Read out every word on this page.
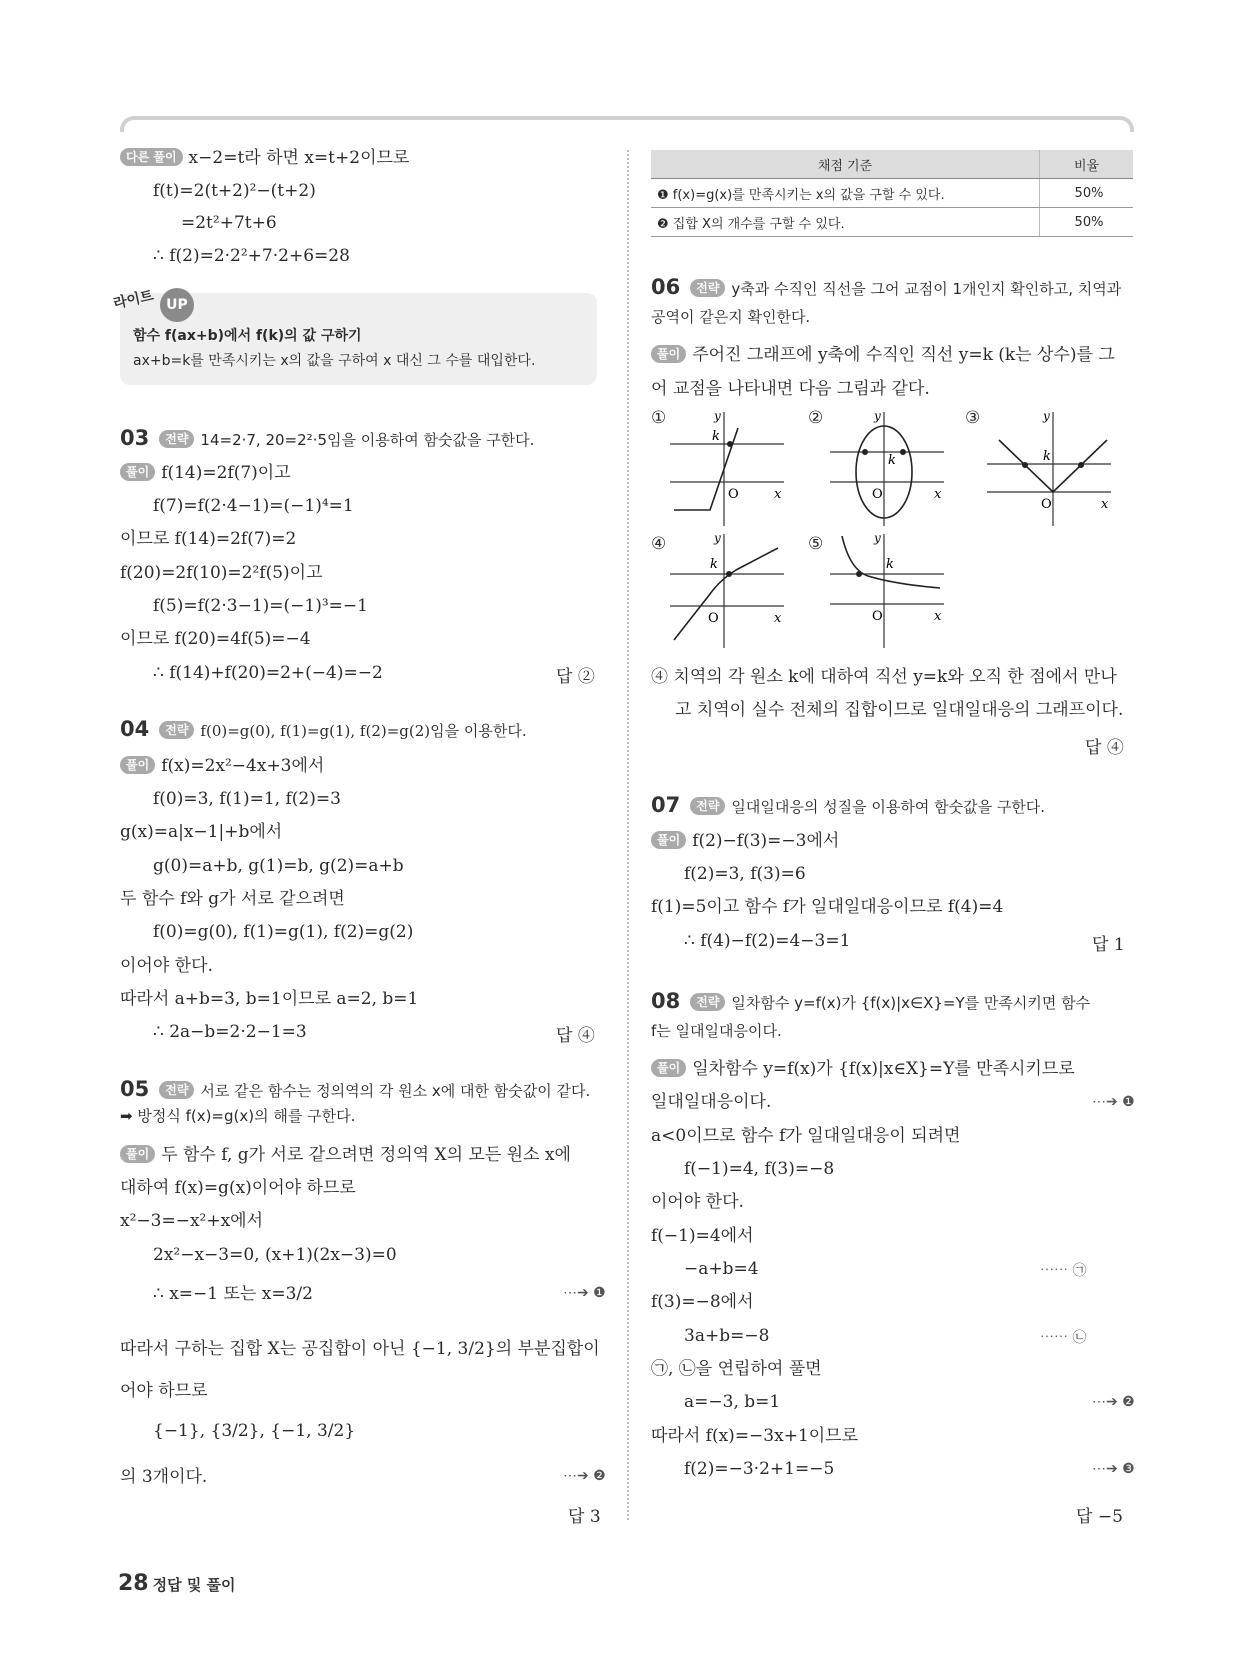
다른 풀이 x−2=t라 하면 x=t+2이므로
f(t)=2(t+2)²−(t+2)
=2t²+7t+6
∴ f(2)=2·2²+7·2+6=28
라이트 UP
함수 f(ax+b)에서 f(k)의 값 구하기
ax+b=k를 만족시키는 x의 값을 구하여 x 대신 그 수를 대입한다.
03 전략 14=2·7, 20=2²·5임을 이용하여 함숫값을 구한다.
풀이 f(14)=2f(7)이고
f(7)=f(2·4−1)=(−1)⁴=1
이므로 f(14)=2f(7)=2
f(20)=2f(10)=2²f(5)이고
f(5)=f(2·3−1)=(−1)³=−1
이므로 f(20)=4f(5)=−4
∴ f(14)+f(20)=2+(−4)=−2	답 ②
04 전략 f(0)=g(0), f(1)=g(1), f(2)=g(2)임을 이용한다.
풀이 f(x)=2x²−4x+3에서
f(0)=3, f(1)=1, f(2)=3
g(x)=a|x−1|+b에서
g(0)=a+b, g(1)=b, g(2)=a+b
두 함수 f와 g가 서로 같으려면
f(0)=g(0), f(1)=g(1), f(2)=g(2)
이어야 한다.
따라서 a+b=3, b=1이므로 a=2, b=1
∴ 2a−b=2·2−1=3	답 ④
05 전략 서로 같은 함수는 정의역의 각 원소 x에 대한 함숫값이 같다.
➡ 방정식 f(x)=g(x)의 해를 구한다.
풀이 두 함수 f, g가 서로 같으려면 정의역 X의 모든 원소 x에
대하여 f(x)=g(x)이어야 하므로
x²−3=−x²+x에서
2x²−x−3=0, (x+1)(2x−3)=0
∴ x=−1 또는 x=3/2	⋯➔ ❶
따라서 구하는 집합 X는 공집합이 아닌 {−1, 3/2}의 부분집합이
어야 하므로
{−1}, {3/2}, {−1, 3/2}
의 3개이다.	⋯➔ ❷
답 3
채점 기준	비율
❶ f(x)=g(x)를 만족시키는 x의 값을 구할 수 있다.	50%
❷ 집합 X의 개수를 구할 수 있다.	50%
06 전략 y축과 수직인 직선을 그어 교점이 1개인지 확인하고, 치역과
공역이 같은지 확인한다.
풀이 주어진 그래프에 y축에 수직인 직선 y=k (k는 상수)를 그
어 교점을 나타내면 다음 그림과 같다.
①	②	③
④	⑤
y
k
O	x
y
k
O	x
y
k
O	x
y
k
O	x
y
k
O	x
④ 치역의 각 원소 k에 대하여 직선 y=k와 오직 한 점에서 만나
고 치역이 실수 전체의 집합이므로 일대일대응의 그래프이다.
답 ④
07 전략 일대일대응의 성질을 이용하여 함숫값을 구한다.
풀이 f(2)−f(3)=−3에서
f(2)=3, f(3)=6
f(1)=5이고 함수 f가 일대일대응이므로 f(4)=4
∴ f(4)−f(2)=4−3=1	답 1
08 전략 일차함수 y=f(x)가 {f(x)|x∈X}=Y를 만족시키면 함수
f는 일대일대응이다.
풀이 일차함수 y=f(x)가 {f(x)|x∈X}=Y를 만족시키므로
일대일대응이다.	⋯➔ ❶
a<0이므로 함수 f가 일대일대응이 되려면
f(−1)=4, f(3)=−8
이어야 한다.
f(−1)=4에서
−a+b=4	⋯⋯ ㉠
f(3)=−8에서
3a+b=−8	⋯⋯ ㉡
㉠, ㉡을 연립하여 풀면
a=−3, b=1	⋯➔ ❷
따라서 f(x)=−3x+1이므로
f(2)=−3·2+1=−5	⋯➔ ❸
답 −5
28 정답 및 풀이
